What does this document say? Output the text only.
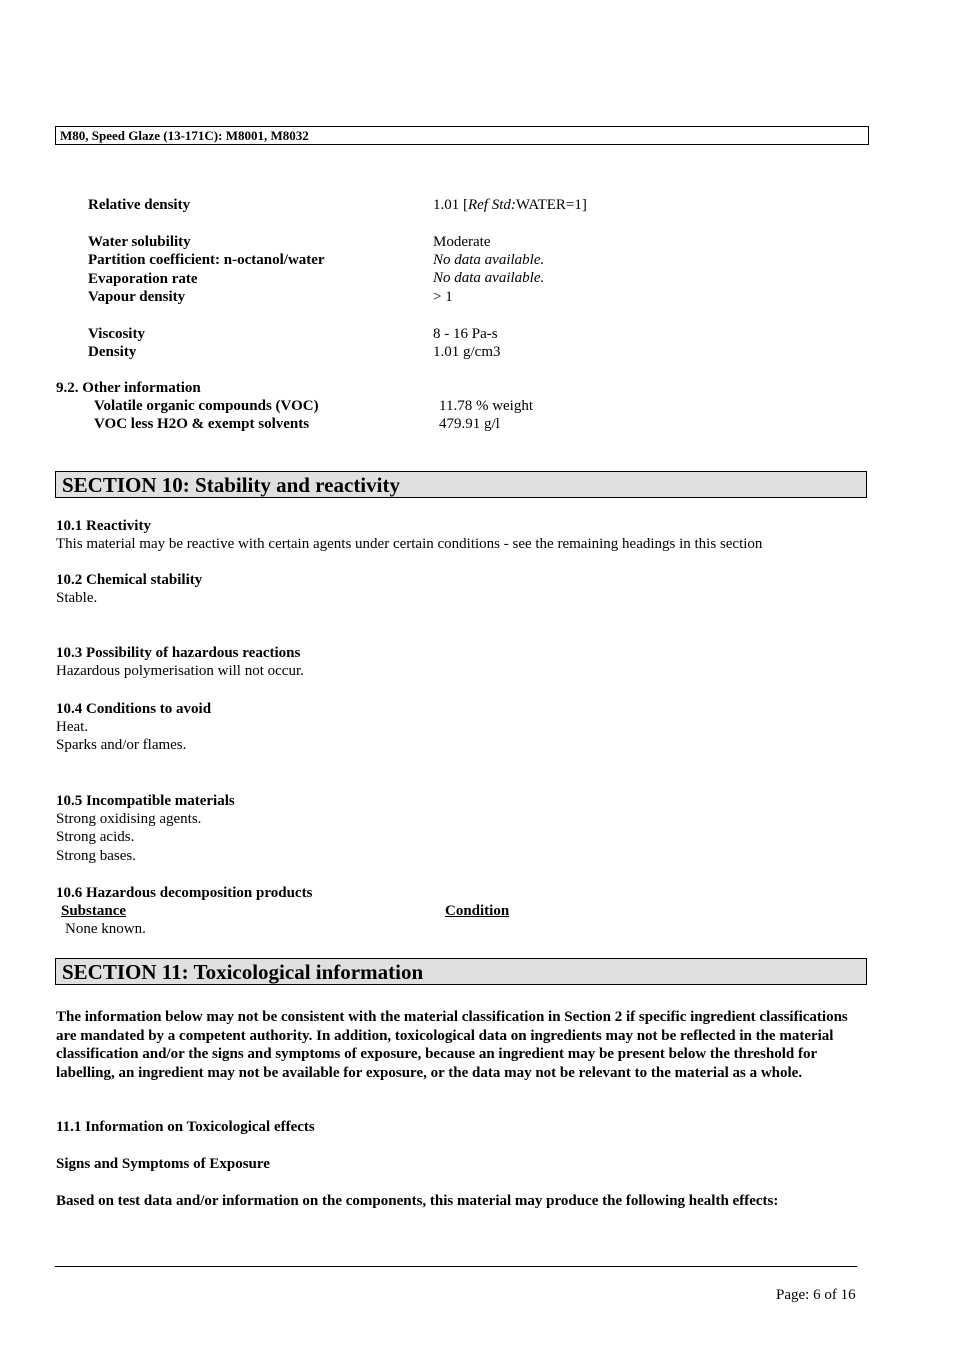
M80, Speed Glaze (13-171C): M8001, M8032
Relative density	1.01 [Ref Std:WATER=1]
Water solubility	Moderate
Partition coefficient: n-octanol/water	No data available.
Evaporation rate	No data available.
Vapour density	> 1
Viscosity	8 - 16 Pa-s
Density	1.01 g/cm3
9.2. Other information
Volatile organic compounds (VOC)	11.78 % weight
VOC less H2O & exempt solvents	479.91 g/l
SECTION 10: Stability and reactivity
10.1 Reactivity
This material may be reactive with certain agents under certain conditions - see the remaining headings in this section
10.2 Chemical stability
Stable.
10.3 Possibility of hazardous reactions
Hazardous polymerisation will not occur.
10.4 Conditions to avoid
Heat.
Sparks and/or flames.
10.5 Incompatible materials
Strong oxidising agents.
Strong acids.
Strong bases.
10.6 Hazardous decomposition products
Substance	Condition
None known.
SECTION 11: Toxicological information
The information below may not be consistent with the material classification in Section 2 if specific ingredient classifications are mandated by a competent authority. In addition, toxicological data on ingredients may not be reflected in the material classification and/or the signs and symptoms of exposure, because an ingredient may be present below the threshold for labelling, an ingredient may not be available for exposure, or the data may not be relevant to the material as a whole.
11.1 Information on Toxicological effects
Signs and Symptoms of Exposure
Based on test data and/or information on the components, this material may produce the following health effects:
Page: 6 of 16
